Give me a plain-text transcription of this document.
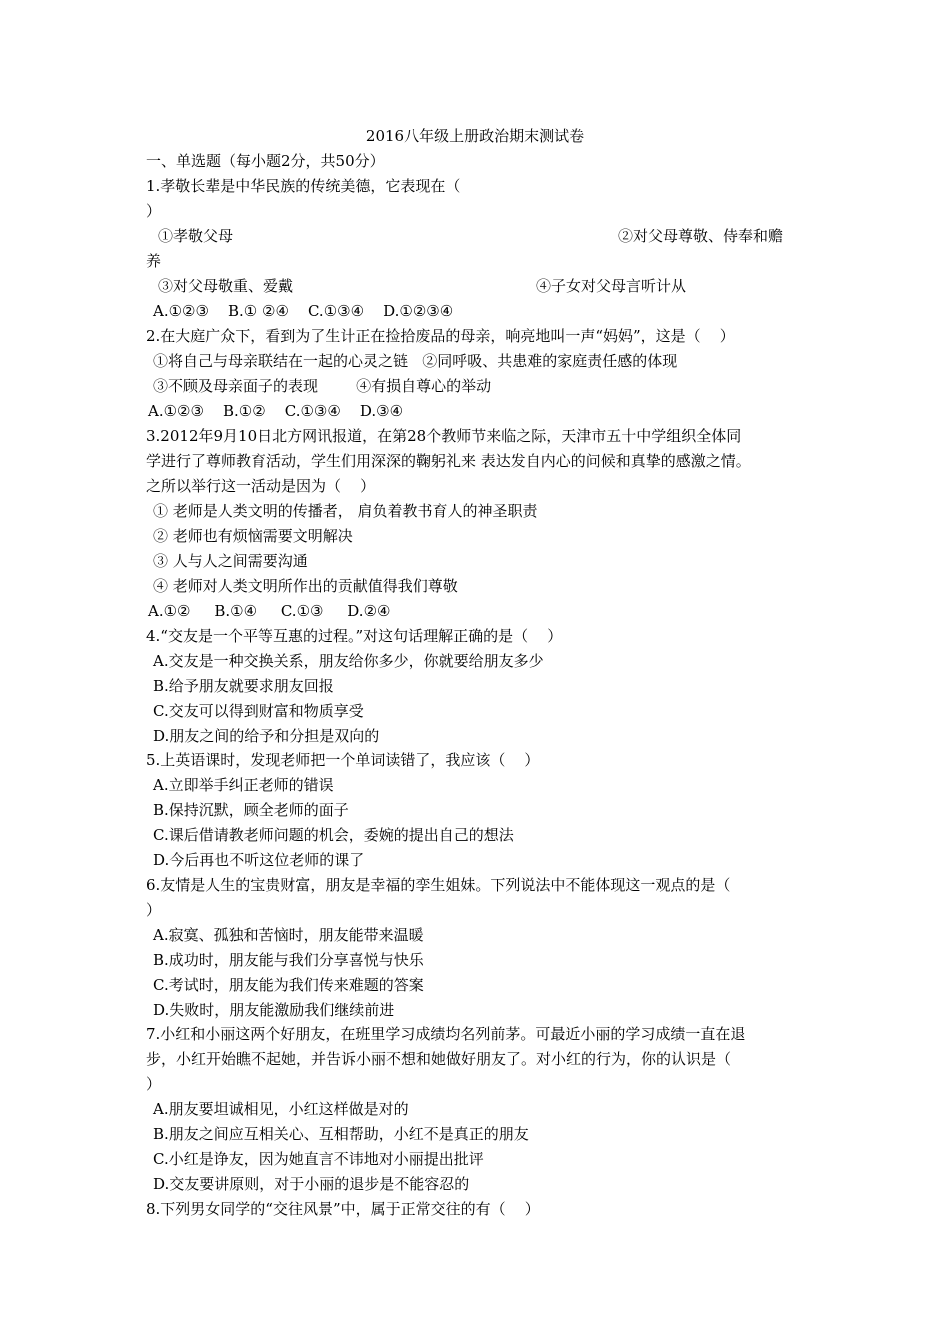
2016八年级上册政治期末测试卷
一、单选题（每小题2分，共50分）
1.孝敬长辈是中华民族的传统美德，它表现在（
）
①孝敬父母	②对父母尊敬、侍奉和赡
养
③对父母敬重、爱戴	④子女对父母言听计从
A.①②③    B.① ②④    C.①③④    D.①②③④
2.在大庭广众下，看到为了生计正在捡拾废品的母亲，响亮地叫一声“妈妈”，这是（    ）
①将自己与母亲联结在一起的心灵之链   ②同呼吸、共患难的家庭责任感的体现
③不顾及母亲面子的表现        ④有损自尊心的举动
A.①②③    B.①②    C.①③④    D.③④
3.2012年9月10日北方网讯报道，在第28个教师节来临之际，天津市五十中学组织全体同
学进行了尊师教育活动，学生们用深深的鞠躬礼来 表达发自内心的问候和真挚的感激之情。
之所以举行这一活动是因为（    ）
① 老师是人类文明的传播者， 肩负着教书育人的神圣职责
② 老师也有烦恼需要文明解决
③ 人与人之间需要沟通
④ 老师对人类文明所作出的贡献值得我们尊敬
A.①②     B.①④     C.①③     D.②④
4.“交友是一个平等互惠的过程。”对这句话理解正确的是（    ）
A.交友是一种交换关系，朋友给你多少，你就要给朋友多少
B.给予朋友就要求朋友回报
C.交友可以得到财富和物质享受
D.朋友之间的给予和分担是双向的
5.上英语课时，发现老师把一个单词读错了，我应该（    ）
A.立即举手纠正老师的错误
B.保持沉默，顾全老师的面子
C.课后借请教老师问题的机会，委婉的提出自己的想法
D.今后再也不听这位老师的课了
6.友情是人生的宝贵财富，朋友是幸福的孪生姐妹。下列说法中不能体现这一观点的是（
）
A.寂寞、孤独和苦恼时，朋友能带来温暖
B.成功时，朋友能与我们分享喜悦与快乐
C.考试时，朋友能为我们传来难题的答案
D.失败时，朋友能激励我们继续前进
7.小红和小丽这两个好朋友，在班里学习成绩均名列前茅。可最近小丽的学习成绩一直在退
步，小红开始瞧不起她，并告诉小丽不想和她做好朋友了。对小红的行为，你的认识是（
）
A.朋友要坦诚相见，小红这样做是对的
B.朋友之间应互相关心、互相帮助，小红不是真正的朋友
C.小红是诤友，因为她直言不讳地对小丽提出批评
D.交友要讲原则，对于小丽的退步是不能容忍的
8.下列男女同学的“交往风景”中，属于正常交往的有（    ）
